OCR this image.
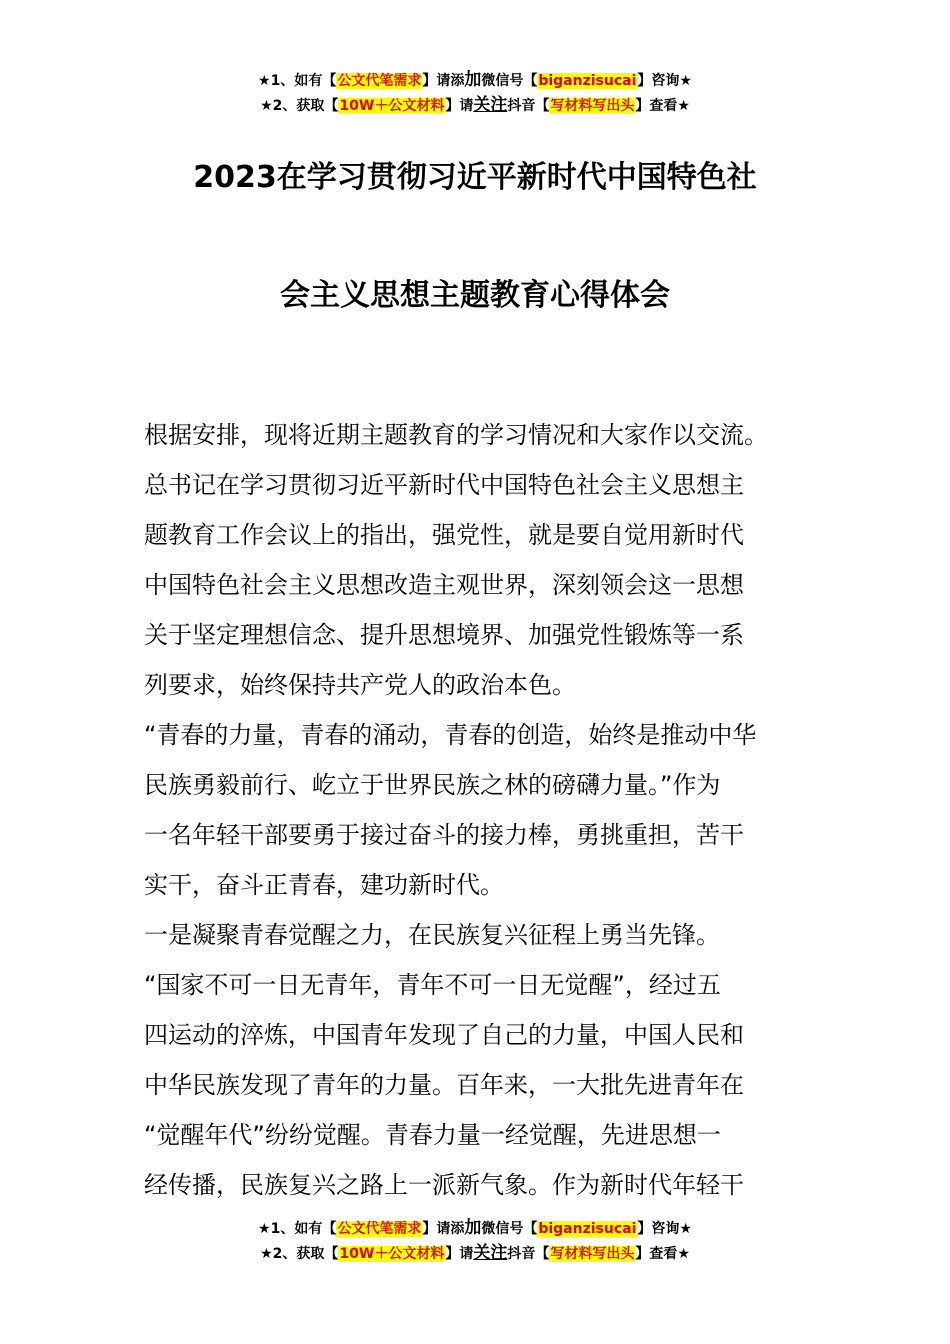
★1、如有【公文代笔需求】请添加微信号【biganzisucai】咨询★
★2、获取【10W＋公文材料】请关注抖音【写材料写出头】查看★
2023在学习贯彻习近平新时代中国特色社
会主义思想主题教育心得体会
根据安排，现将近期主题教育的学习情况和大家作以交流。
总书记在学习贯彻习近平新时代中国特色社会主义思想主
题教育工作会议上的指出，强党性，就是要自觉用新时代
中国特色社会主义思想改造主观世界，深刻领会这一思想
关于坚定理想信念、提升思想境界、加强党性锻炼等一系
列要求，始终保持共产党人的政治本色。
“青春的力量，青春的涌动，青春的创造，始终是推动中华
民族勇毅前行、屹立于世界民族之林的磅礴力量。”作为
一名年轻干部要勇于接过奋斗的接力棒，勇挑重担，苦干
实干，奋斗正青春，建功新时代。
一是凝聚青春觉醒之力，在民族复兴征程上勇当先锋。
“国家不可一日无青年，青年不可一日无觉醒”，经过五
四运动的淬炼，中国青年发现了自己的力量，中国人民和
中华民族发现了青年的力量。百年来，一大批先进青年在
“觉醒年代”纷纷觉醒。青春力量一经觉醒，先进思想一
经传播，民族复兴之路上一派新气象。作为新时代年轻干
★1、如有【公文代笔需求】请添加微信号【biganzisucai】咨询★
★2、获取【10W＋公文材料】请关注抖音【写材料写出头】查看★
